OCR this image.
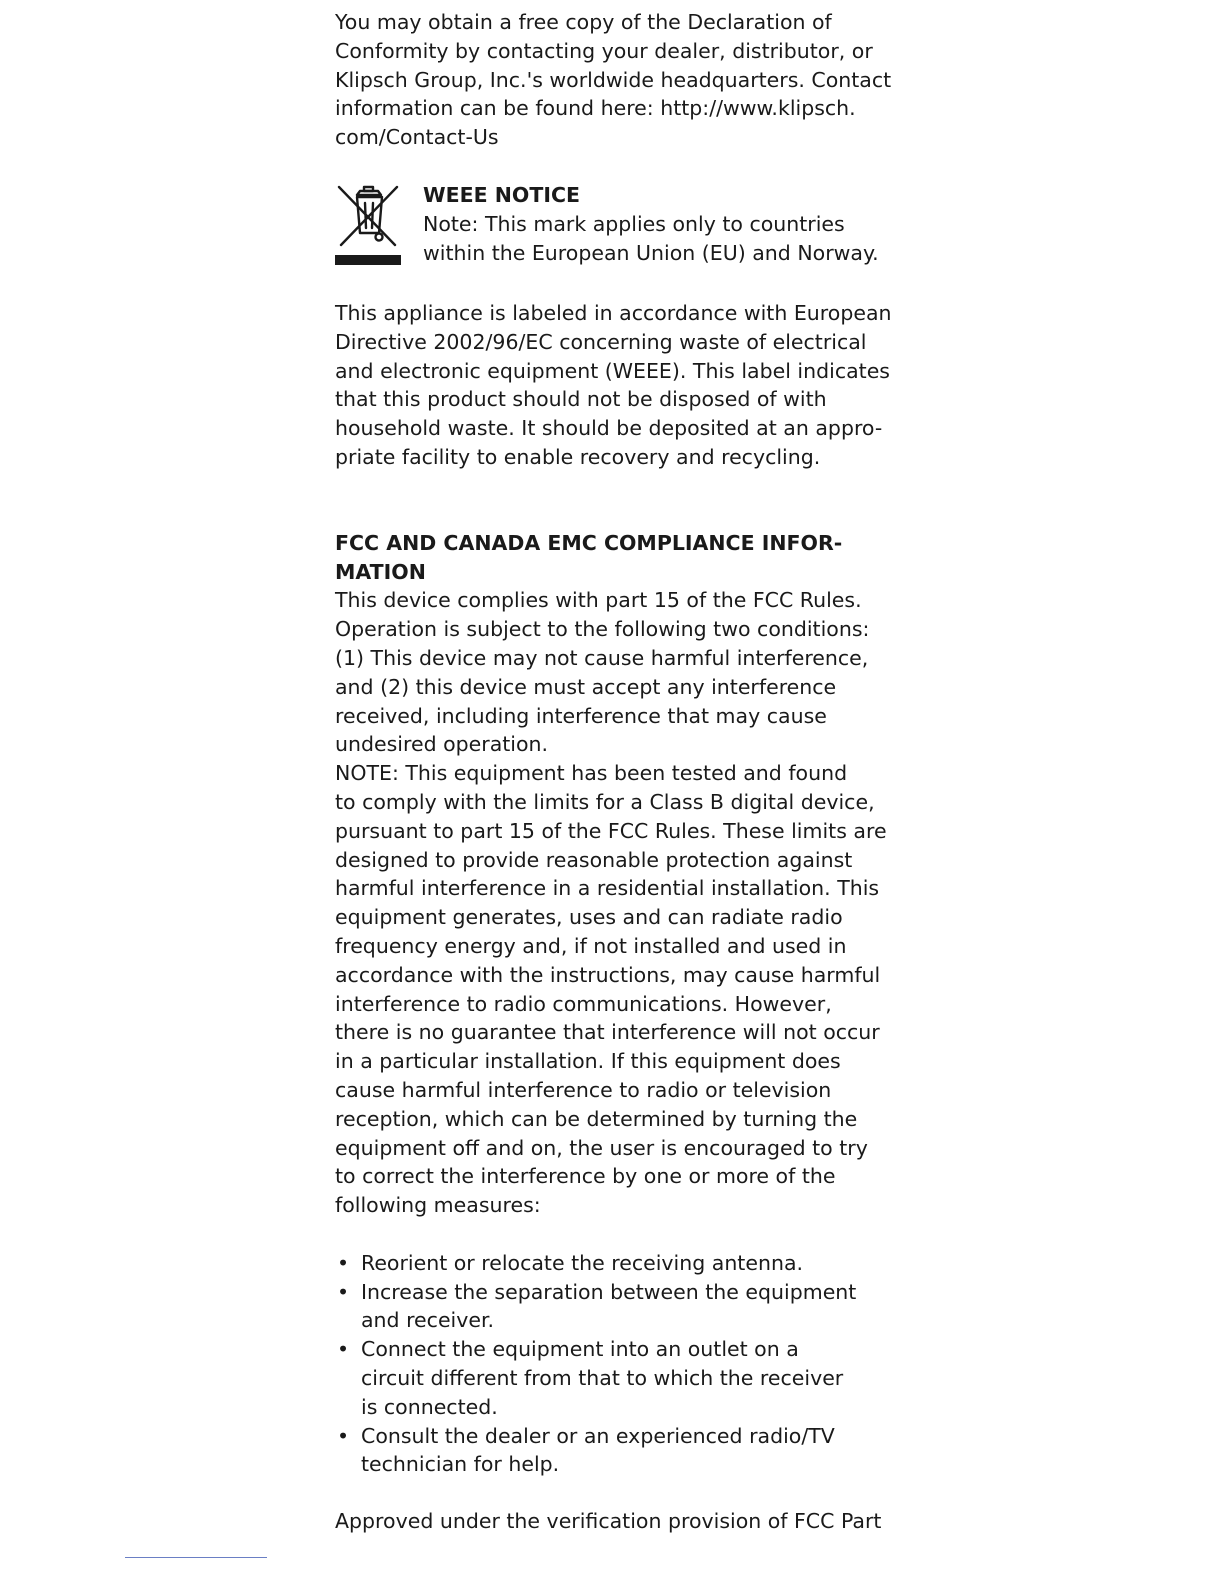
You may obtain a free copy of the Declaration of
Conformity by contacting your dealer, distributor, or
Klipsch Group, Inc.'s worldwide headquarters. Contact
information can be found here: http://www.klipsch.
com/Contact-Us

WEEE NOTICE

Note: This mark applies only to countries
within the European Union (EU) and Norway.

This appliance is labeled in accordance with European
Directive 2002/96/EC concerning waste of electrical
and electronic equipment (WEEE). This label indicates
that this product should not be disposed of with
household waste. It should be deposited at an appro-
priate facility to enable recovery and recycling.

FCC AND CANADA EMC COMPLIANCE INFOR-
MATION

This device complies with part 15 of the FCC Rules.
Operation is subject to the following two conditions:
(1) This device may not cause harmful interference,
and (2) this device must accept any interference
received, including interference that may cause
undesired operation.
NOTE: This equipment has been tested and found
to comply with the limits for a Class B digital device,
pursuant to part 15 of the FCC Rules. These limits are
designed to provide reasonable protection against
harmful interference in a residential installation. This
equipment generates, uses and can radiate radio
frequency energy and, if not installed and used in
accordance with the instructions, may cause harmful
interference to radio communications. However,
there is no guarantee that interference will not occur
in a particular installation. If this equipment does
cause harmful interference to radio or television
reception, which can be determined by turning the
equipment off and on, the user is encouraged to try
to correct the interference by one or more of the
following measures:

• Reorient or relocate the receiving antenna.
• Increase the separation between the equipment
and receiver.
• Connect the equipment into an outlet on a
circuit different from that to which the receiver
is connected.
• Consult the dealer or an experienced radio/TV
technician for help.

Approved under the verification provision of FCC Part
